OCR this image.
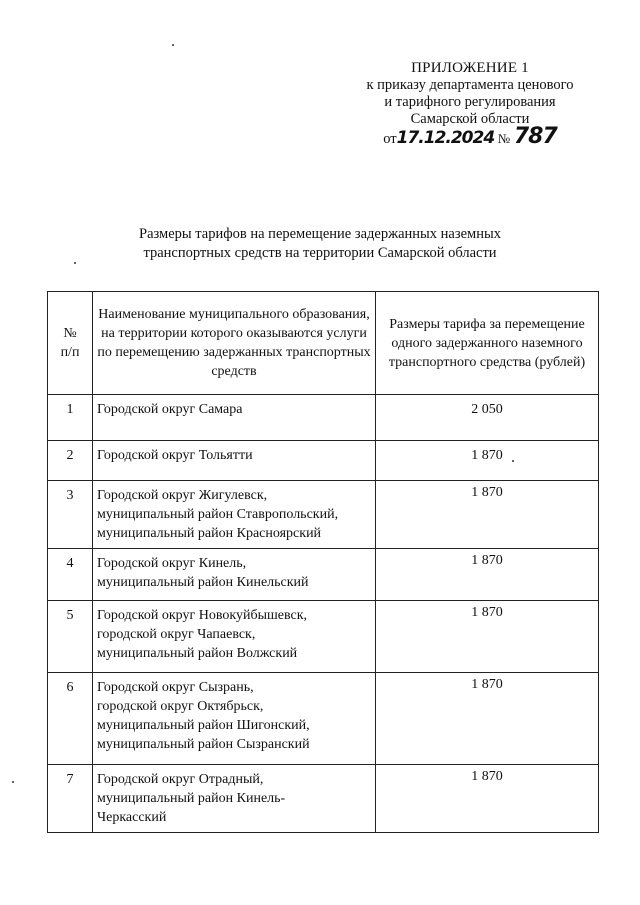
ПРИЛОЖЕНИЕ 1
к приказу департамента ценового
и тарифного регулирования
Самарской области
от17.12.2024 № 787
Размеры тарифов на перемещение задержанных наземных
транспортных средств на территории Самарской области
№
п/п	Наименование муниципального образования, на территории которого оказываются услуги по перемещению задержанных транспортных средств	Размеры тарифа за перемещение одного задержанного наземного транспортного средства (рублей)
1	Городской округ Самара	2 050
2	Городской округ Тольятти	1 870
3	Городской округ Жигулевск,
муниципальный район Ставропольский,
муниципальный район Красноярский	1 870
4	Городской округ Кинель,
муниципальный район Кинельский	1 870
5	Городской округ Новокуйбышевск,
городской округ Чапаевск,
муниципальный район Волжский	1 870
6	Городской округ Сызрань,
городской округ Октябрьск,
муниципальный район Шигонский,
муниципальный район Сызранский	1 870
7	Городской округ Отрадный,
муниципальный район Кинель-
Черкасский	1 870
